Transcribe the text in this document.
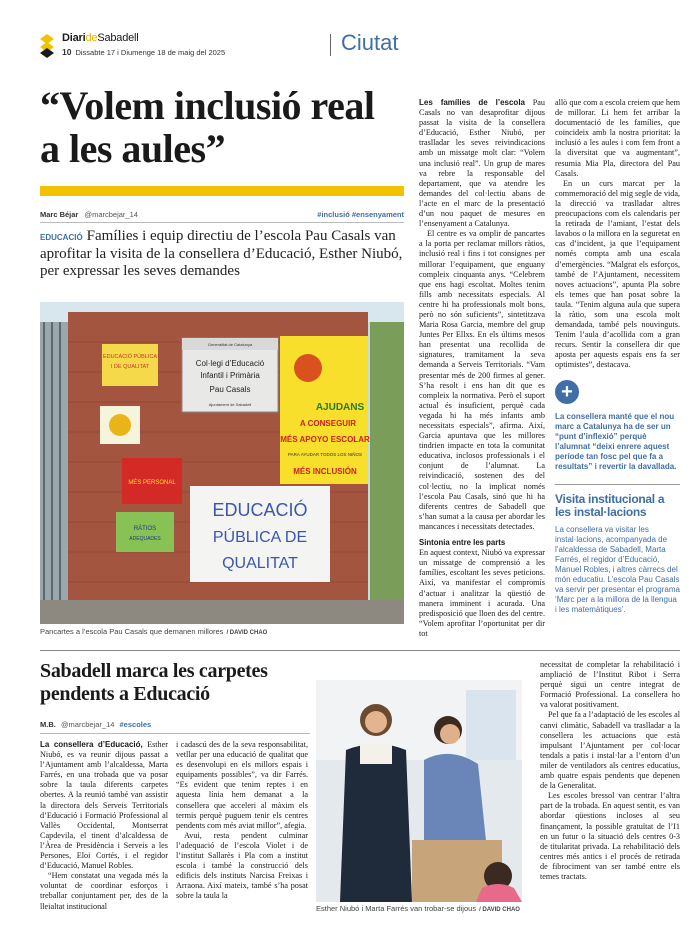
DiarideSabadell
10 Dissabte 17 i Diumenge 18 de maig del 2025	Ciutat
“Volem inclusió real a les aules”
Marc Béjar @marcbejar_14	#inclusió #ensenyament

EDUCACIÓ Famílies i equip directiu de l’escola Pau Casals van aprofitar la visita de la consellera d’Educació, Esther Niubó, per expressar les seves demandes

EDUCACIÓ PÚBLICA
I DE QUALITAT
Generalitat de Catalunya
Col·legi d’Educació
Infantil i Primària
Pau Casals
Ajuntament de Sabadell	AJUDANS
A CONSEGUIR
MÉS APOYO ESCOLAR
PARA AYUDAR TODOS LOS NIÑOS
MÉS INCLUSIÓN
MÉS PERSONAL
RÀTIOS
ADEQUADES
EDUCACIÓ
PÚBLICA DE
QUALITAT
Pancartes a l’escola Pau Casals que demanen millores / DAVID CHAO

Les famílies de l’escola Pau Casals no van desaprofitar dijous passat la visita de la consellera d’Educació, Esther Niubó, per traslladar les seves reivindicacions amb un missatge molt clar: “Volem una inclusió real”. Un grup de mares va rebre la responsable del departament, que va atendre les demandes del col·lectiu abans de l’acte en el marc de la presentació d’un nou paquet de mesures en l’ensenyament a Catalunya.

El centre es va omplir de pancartes a la porta per reclamar millors ràtios, inclusió real i fins i tot consignes per millorar l’equipament, que enguany compleix cinquanta anys. “Celebrem que ens hagi escoltat. Moltes tenim fills amb necessitats especials. Al centre hi ha professionals molt bons, però no són suficients”, sintetitzava Maria Rosa Garcia, membre del grup Juntes Per Ellxs. En els últims mesos han presentat una recollida de signatures, tramitament la seva demanda a Serveis Territorials. “Vam presentar més de 200 firmes al gener. S’ha resolt i ens han dit que es compleix la normativa. Però el suport actual és insuficient, perquè cada vegada hi ha més infants amb necessitats especials”, afirma. Així, Garcia apuntava que les millores tindrien impacte en tota la comunitat educativa, inclosos professionals i el conjunt de l’alumnat. La reivindicació, sostenen des del col·lectiu, no la implicat només l’escola Pau Casals, sinó que hi ha diferents centres de Sabadell que s’han sumat a la causa per abordar les mancances i necessitats detectades.

Sintonia entre les parts

En aquest context, Niubó va expressar un missatge de comprensió a les famílies, escoltant les seves peticions. Així, va manifestar el compromís d’actuar i analitzar la qüestió de manera imminent i acurada. Una predisposició que lloen des del centre. “Volem aprofitar l’oportunitat per dir tot

allò que com a escola creiem que hem de millorar. Li hem fet arribar la documentació de les famílies, que coincideix amb la nostra prioritat: la inclusió a les aules i com fem front a la diversitat que va augmentant”, resumia Mia Pla, directora del Pau Casals.

En un curs marcat per la commemoració del mig segle de vida, la direcció va traslladar altres preocupacions com els calendaris per la retirada de l’amiant, l’estat dels lavabos o la millora en la seguretat en cas d’incident, ja que l’equipament només compta amb una escala d’emergències. “Malgrat els esforços, també de l’Ajuntament, necessitem noves actuacions”, apunta Pla sobre els temes que han posat sobre la taula. “Tenim alguna aula que supera la ràtio, som una escola molt demandada, també pels nouvinguts. Tenim l’aula d’acollida com a gran recurs. Sentir la consellera dir que aposta per aquests espais ens fa ser optimistes”, destacava.

+
La consellera manté que el nou marc a Catalunya ha de ser un “punt d’inflexió” perquè l’alumnat “deixi enrere aquest període tan fosc pel que fa a resultats” i revertir la davallada.
Visita institucional a les instal·lacions
La consellera va visitar les instal·lacions, acompanyada de l’alcaldessa de Sabadell, Marta Farrés, el regidor d’Educació, Manuel Robles, i altres càrrecs del món educatiu. L’escola Pau Casals va servir per presentar el programa ‘Marc per a la millora de la llengua i les matemàtiques’.
Sabadell marca les carpetes pendents a Educació
M.B. @marcbejar_14 #escoles

La consellera d’Educació, Esther Niubó, es va reunir dijous passat a l’Ajuntament amb l’alcaldessa, Marta Farrés, en una trobada que va posar sobre la taula diferents carpetes obertes. A la reunió també van assistir la directora dels Serveis Territorials d’Educació i Formació Professional al Vallès Occidental, Montserrat Capdevila, el tinent d’alcaldessa de l’Àrea de Presidència i Serveis a les Persones, Eloi Cortés, i el regidor d’Educació, Manuel Robles.

“Hem constatat una vegada més la voluntat de coordinar esforços i treballar conjuntament per, des de la lleialtat institucional

i cadascú des de la seva responsabilitat, vetllar per una educació de qualitat que es desenvolupi en els millors espais i equipaments possibles”, va dir Farrés. “Es evident que tenim reptes i en aquesta línia hem demanat a la consellera que acceleri al màxim els termis perquè puguem tenir els centres pendents com més aviat millor”, afegia.

Avui, resta pendent culminar l’adequació de l’escola Violet i de l’institut Sallarès i Pla com a institut escola i també la construcció dels edificis dels instituts Narcisa Freixas i Arraona. Així mateix, també s’ha posat sobre la taula la

Esther Niubó i Marta Farrés van trobar-se dijous / DAVID CHAO

necessitat de completar la rehabilitació i ampliació de l’Institut Ribot i Serra perquè sigui un centre integrat de Formació Professional. La consellera ho va valorat positivament.

Pel que fa a l’adaptació de les escoles al canvi climàtic, Sabadell va traslladar a la consellera les actuacions que està impulsant l’Ajuntament per col·locar tendals a patis i instal·lar a l’entorn d’un miler de ventiladors als centres educatius, amb quatre espais pendents que depenen de la Generalitat.

Les escoles bressol van centrar l’altra part de la trobada. En aquest sentit, es van abordar qüestions incloses al seu finançament, la possible gratuïtat de l’I1 en un futur o la situació dels centres 0-3 de titularitat privada. La rehabilitació dels centres més antics i el procés de retirada de fibrociment van ser també entre els temes tractats.
